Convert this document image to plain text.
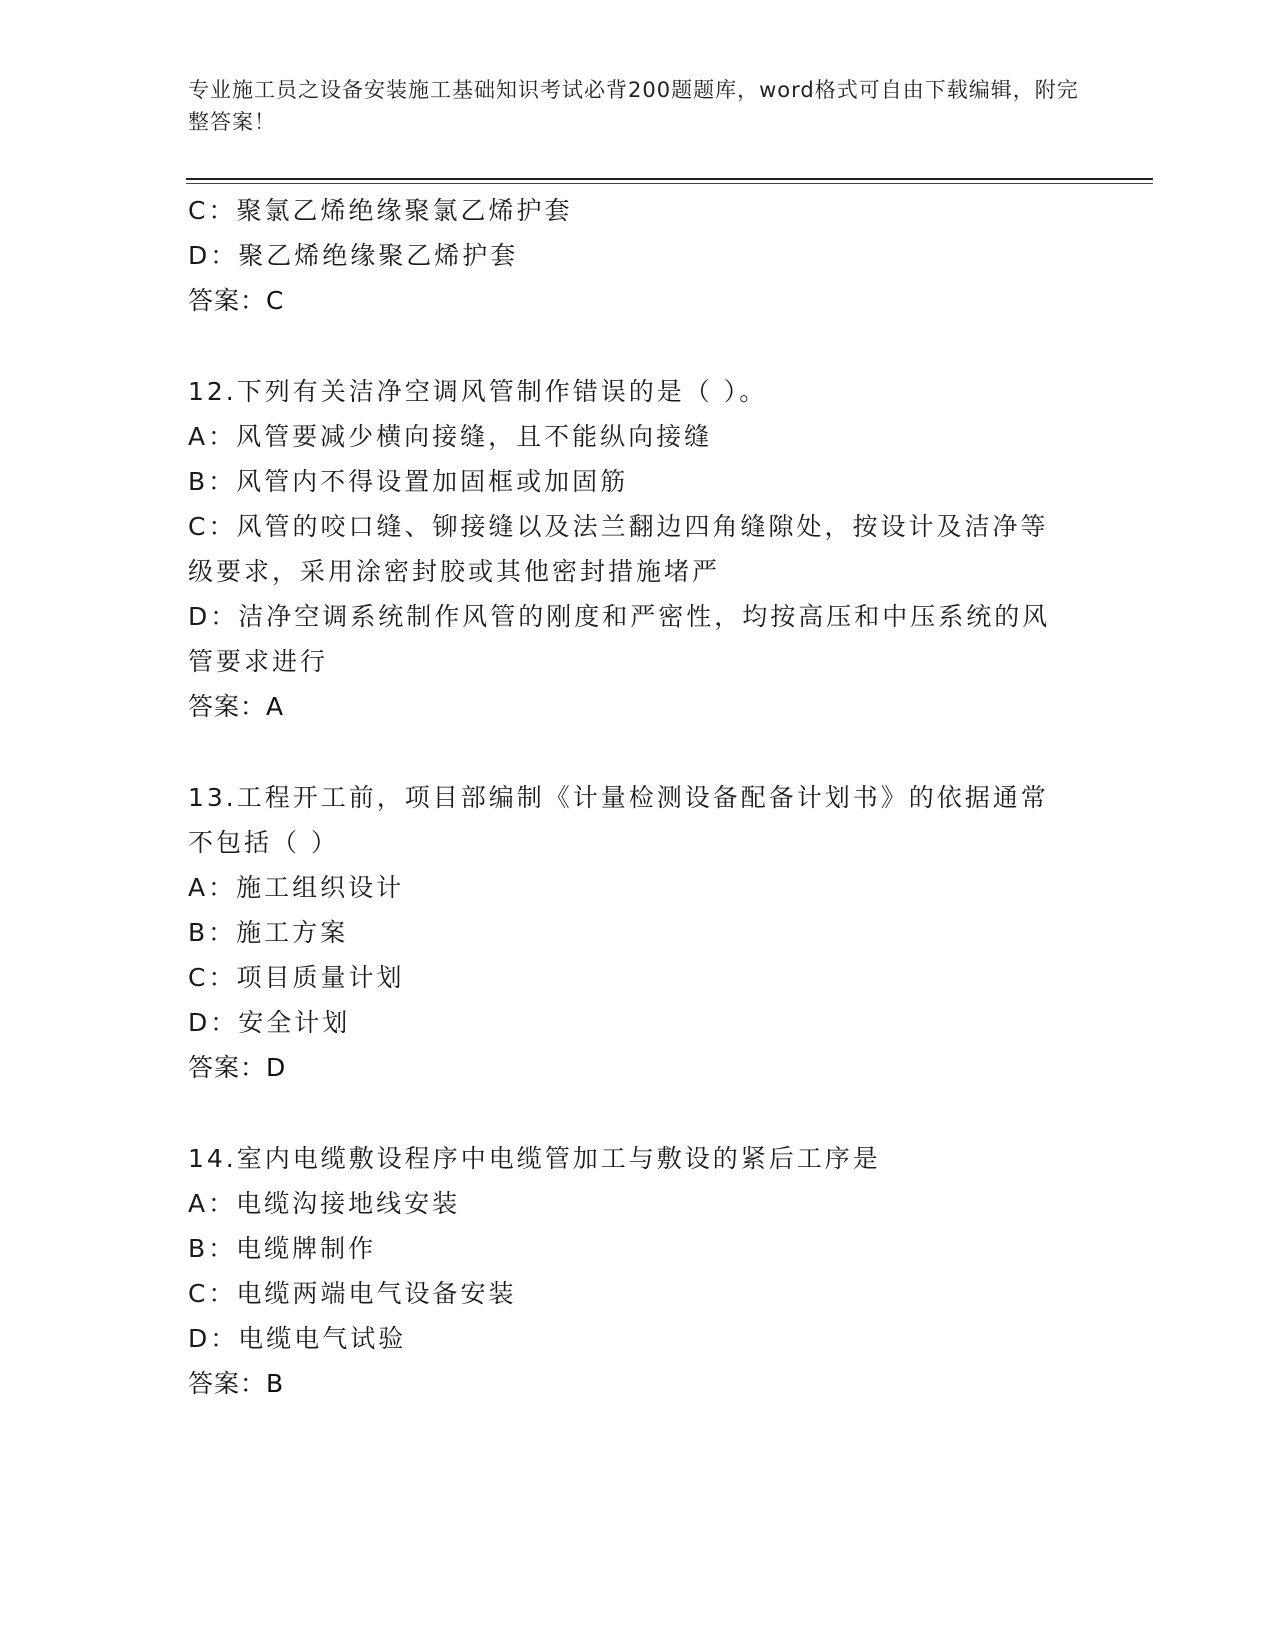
专业施工员之设备安装施工基础知识考试必背200题题库，word格式可自由下载编辑，附完整答案！
C：聚氯乙烯绝缘聚氯乙烯护套
D：聚乙烯绝缘聚乙烯护套
答案：C
12.下列有关洁净空调风管制作错误的是（ ）。
A：风管要减少横向接缝，且不能纵向接缝
B：风管内不得设置加固框或加固筋
C：风管的咬口缝、铆接缝以及法兰翻边四角缝隙处，按设计及洁净等
级要求，采用涂密封胶或其他密封措施堵严
D：洁净空调系统制作风管的刚度和严密性，均按高压和中压系统的风
管要求进行
答案：A
13.工程开工前，项目部编制《计量检测设备配备计划书》的依据通常
不包括（ ）
A：施工组织设计
B：施工方案
C：项目质量计划
D：安全计划
答案：D
14.室内电缆敷设程序中电缆管加工与敷设的紧后工序是
A：电缆沟接地线安装
B：电缆牌制作
C：电缆两端电气设备安装
D：电缆电气试验
答案：B
